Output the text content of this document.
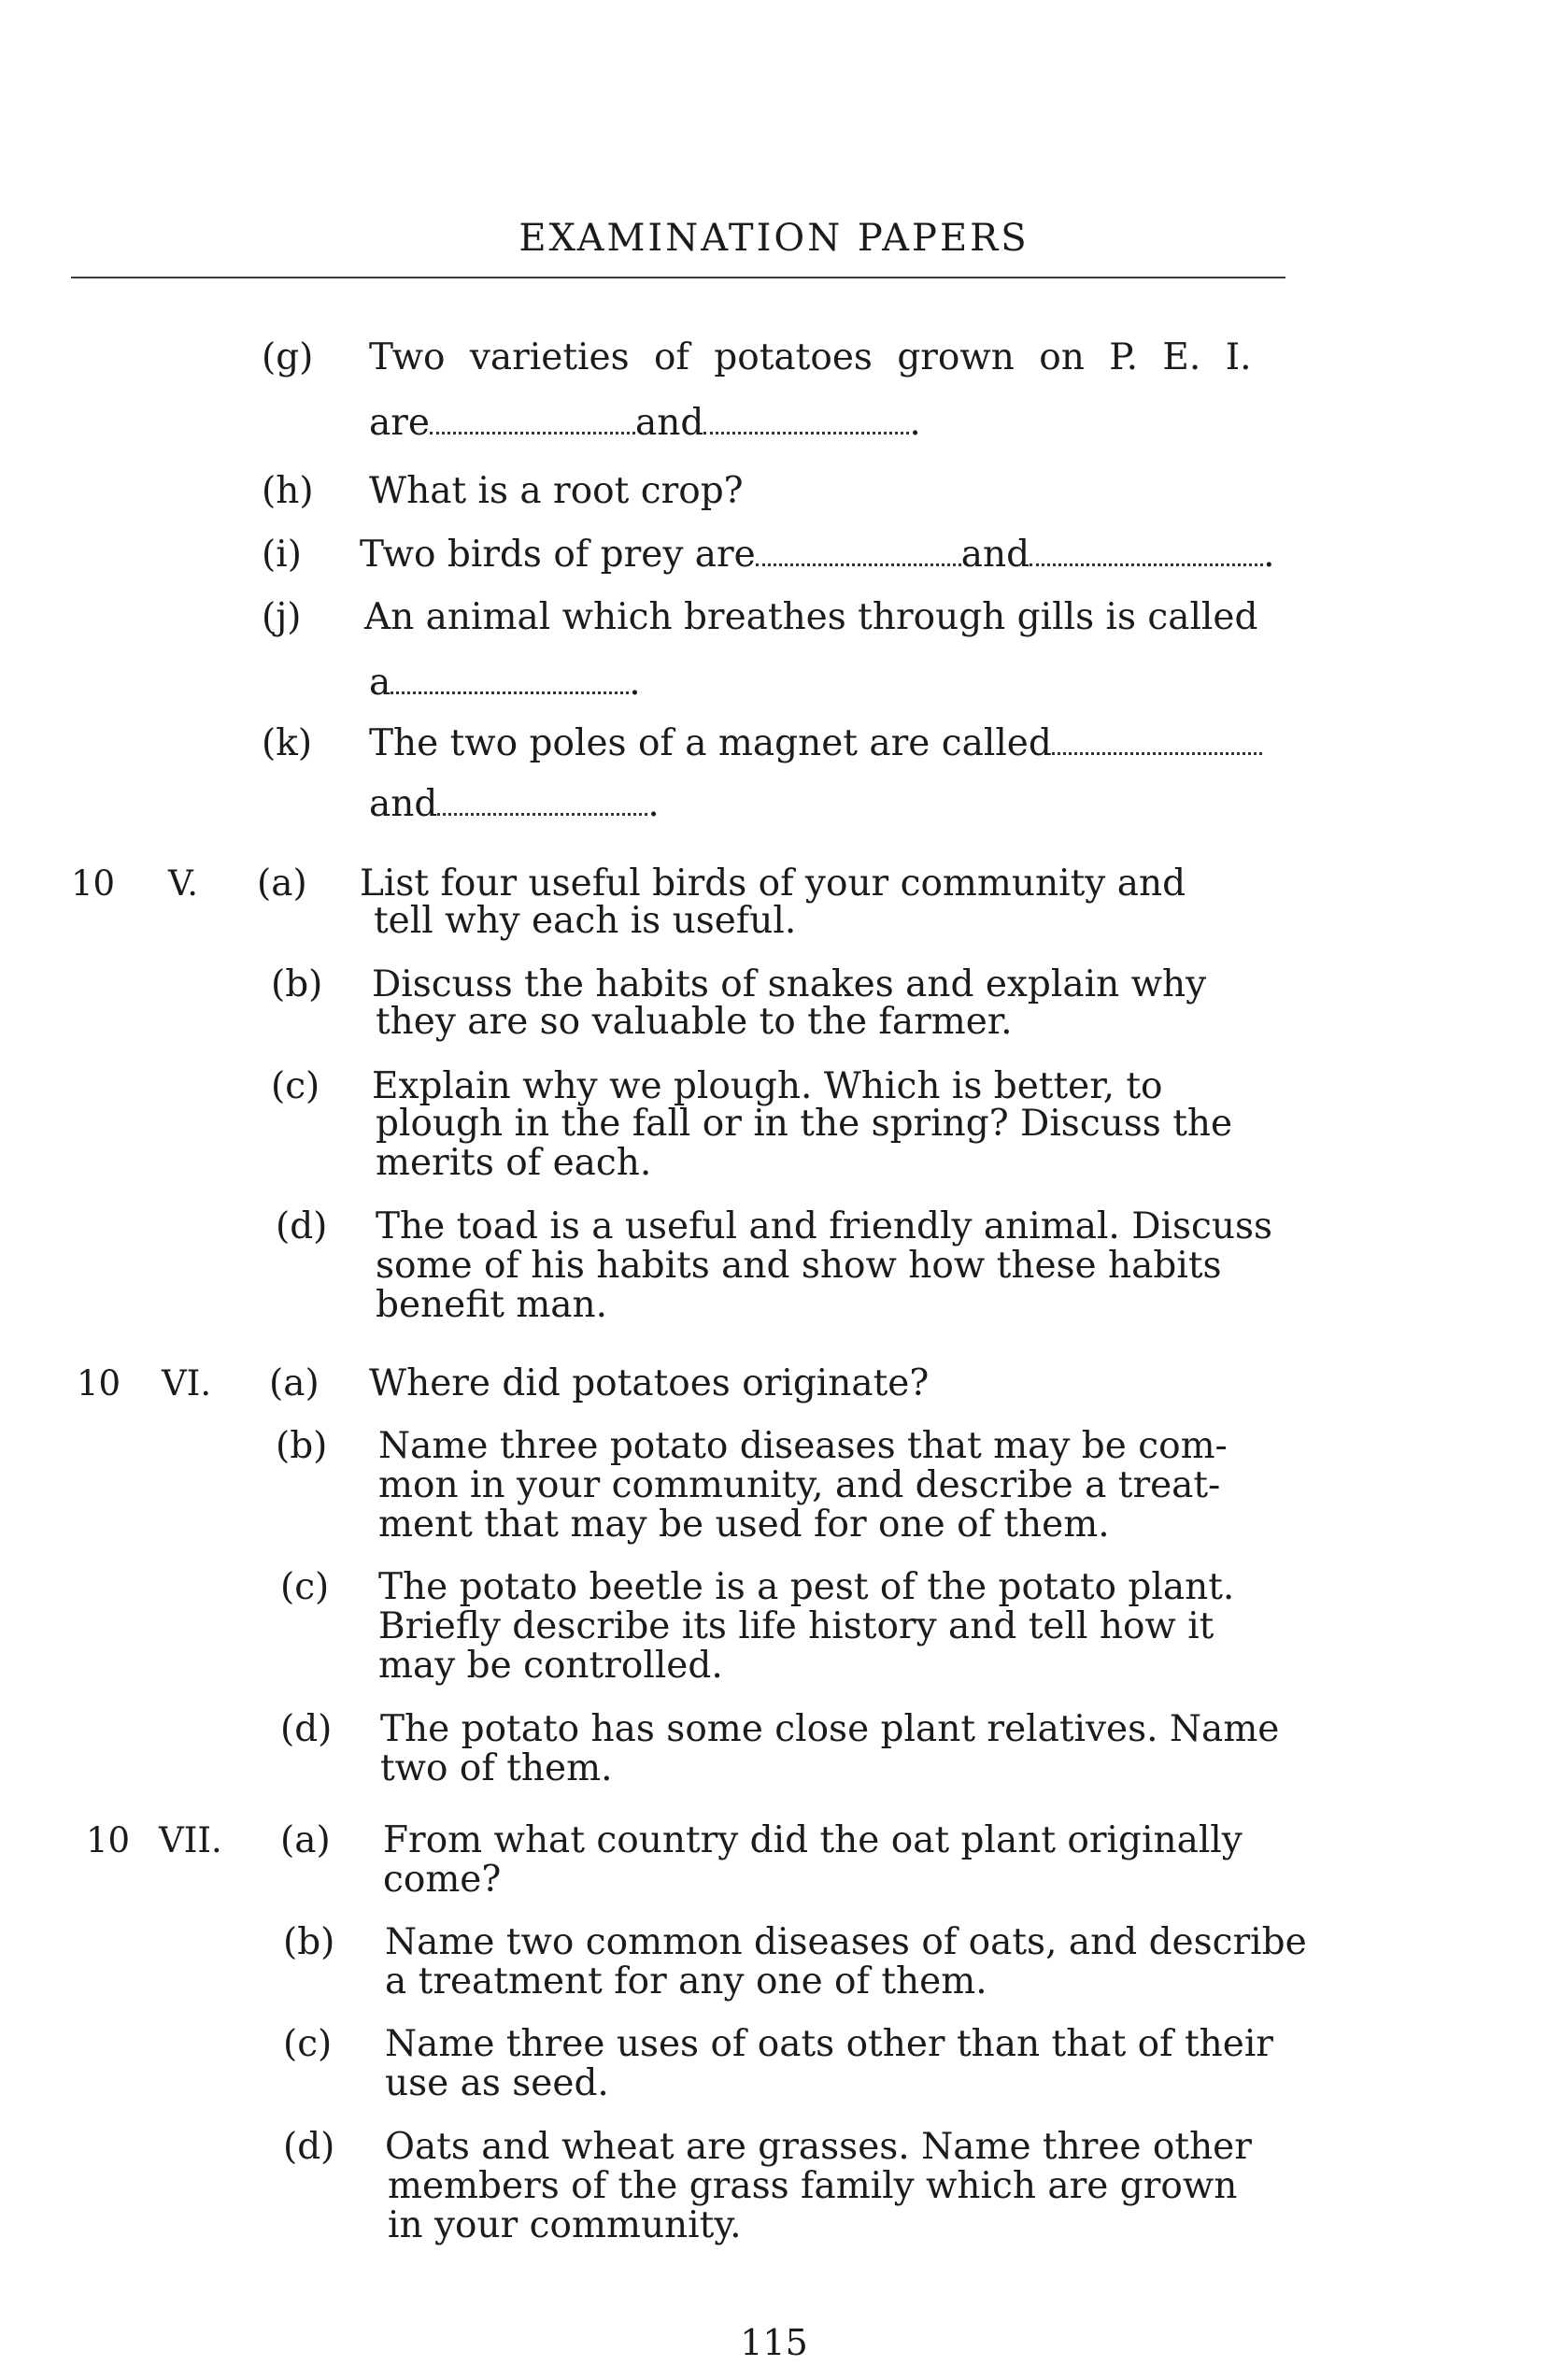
EXAMINATION PAPERS
(g) Two varieties of potatoes grown on P. E. I.
are	and	.
(h) What is a root crop?
(i) Two birds of prey are	and	.
(j) An animal which breathes through gills is called
a	.
(k) The two poles of a magnet are called
and	.
10 V. (a) List four useful birds of your community and
tell why each is useful.
(b) Discuss the habits of snakes and explain why
they are so valuable to the farmer.
(c) Explain why we plough. Which is better, to
plough in the fall or in the spring? Discuss the
merits of each.
(d) The toad is a useful and friendly animal. Discuss
some of his habits and show how these habits
benefit man.
10 VI. (a) Where did potatoes originate?
(b) Name three potato diseases that may be com-
mon in your community, and describe a treat-
ment that may be used for one of them.
(c) The potato beetle is a pest of the potato plant.
Briefly describe its life history and tell how it
may be controlled.
(d) The potato has some close plant relatives. Name
two of them.
10 VII. (a) From what country did the oat plant originally
come?
(b) Name two common diseases of oats, and describe
a treatment for any one of them.
(c) Name three uses of oats other than that of their
use as seed.
(d) Oats and wheat are grasses. Name three other
members of the grass family which are grown
in your community.
115
